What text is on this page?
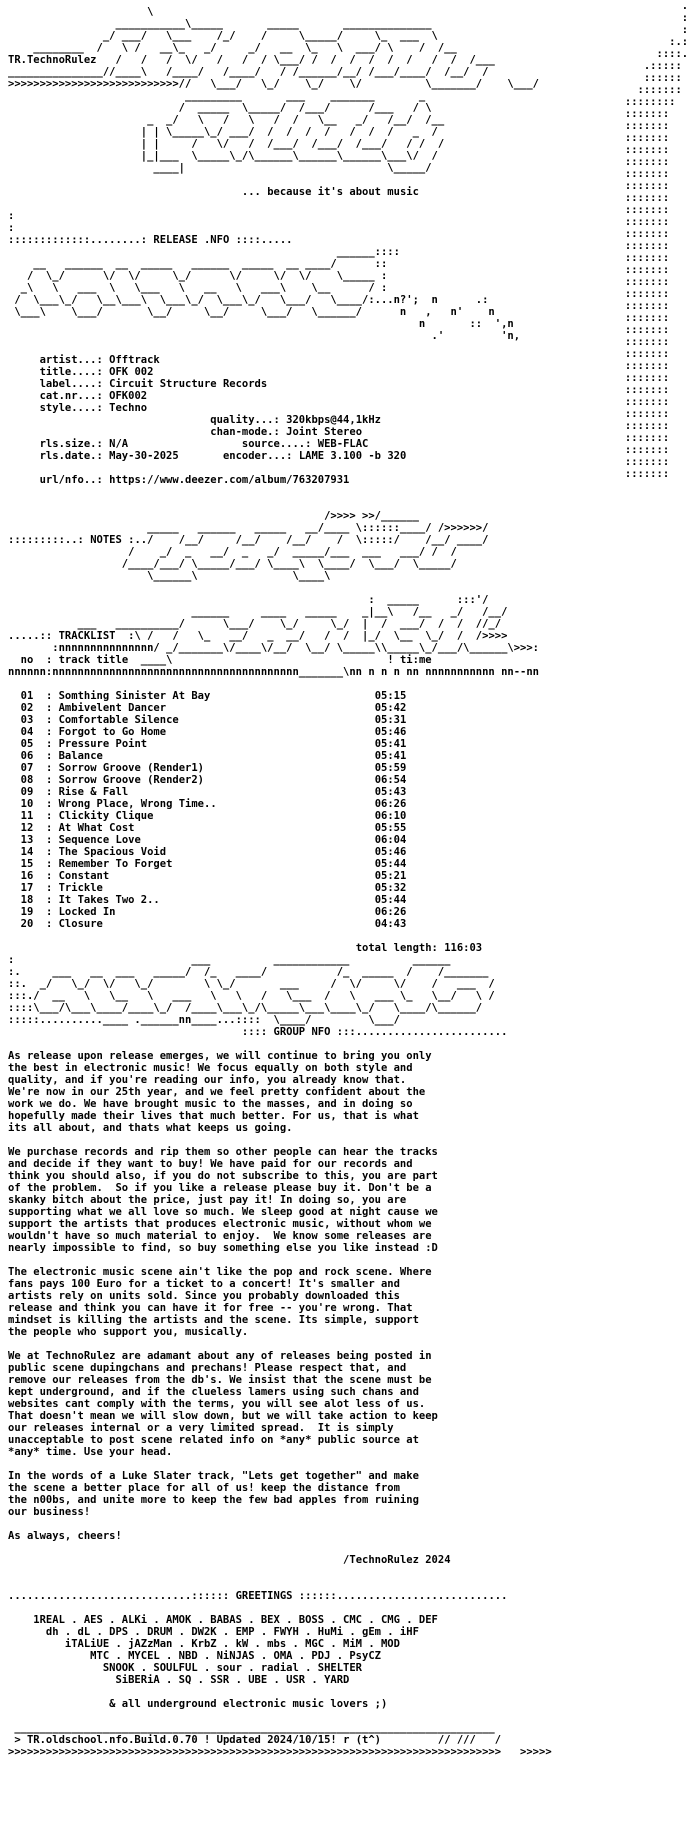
.
:
:
:.:
::::.
.:::::
::::::
:::::::
::::::::
:::::::
:::::::
:::::::
:::::::
:::::::
:::::::
:::::::
:::::::
:::::::
:::::::
:::::::
:::::::
:::::::
:::::::
:::::::
:::::::
:::::::
:::::::
:::::::
:::::::
:::::::
:::::::
:::::::
:::::::
:::::::
:::::::
:::::::
:::::::
:::::::
:::::::
:::::::
\
___________\_____       _____       ______________
_/ ___/   \___    /_/    /     \_____/     \_  ___  \
________  /   \ /   __\_   _/     _/   __  \_   \  ___/ \    /  /__
TR.TechnoRulez   /   /   /  \/   /   /  / \___/ /  /  /  /  /  /   /  /  /___
_______________//____\   /____/   /____/   / /______/__/ /___/____/  /__/  /
>>>>>>>>>>>>>>>>>>>>>>>>>>>//   \___/   \_/    \_/    \/          \_______/    \___/
_________       ___    _______       _
/  _____  \_____/  /___/      /___   / \
_  _/   \   /   \   /  /   \__   _/   /__/  /__
| | \_____\_/ ___/  /  /  /  /   /  /  /   _  /
| |     /   \/   /  /___/  /___/  /___/   / /  /
|_|___  \_____\_/\______\______\______\___\/  /
____|                                \_____/

... because it's about music

:
:
:::::::::::::........: RELEASE .NFO ::::.....
______::::
__   ______  __  _____   ______  _____  __ ____/      ::
/  \_/      \/  \/     \_/      \/     \/  \/    \_____ :
_\   \   ___  \   \___   \   __   \   ___\    \__      / :
/  \___\_/   \__\___\  \___\_/  \___\_/   \___/   \____/:...n?';  n      .:
\___\    \___/       \__/     \__/     \___/   \______/      n   ,   n'    n
n       ::  ',n
.'         'n,

artist...: Offtrack
title....: OFK 002
label....: Circuit Structure Records
cat.nr...: OFK002
style....: Techno
quality...: 320kbps@44,1kHz
chan-mode.: Joint Stereo
rls.size.: N/A                  source....: WEB-FLAC
rls.date.: May-30-2025       encoder...: LAME 3.100 -b 320

url/nfo..: https://www.deezer.com/album/763207931

/>>>> >>/______
_____   ______   _____   __/____ \::::::____/ />>>>>>/
:::::::::..: NOTES :../    /__/     /__/    /__/    /  \:::::/    /__/ ____/
/    _/  _   __/  _   _/  _____/___  ___   ___/ /  /
/____/___/ \_____/___/ \____\  \____/  \___/  \_____/
\______\               \____\

:  _____      :::'/
______     ____   _____    _|__\   /__   _/   /__/
___   __________/      \___/    \_/     \_/  |  /  ___/  /  /  //_/
.....:: TRACKLIST  :\ /   /   \_   __/   _  __/   /  /  |_/  \__  \_/  /  />>>>
:nnnnnnnnnnnnnnn/ _/_______\/____\/__/  \__/ \_____\\_____\_/___/\______\>>>:
no  : track title  ____\                                  ! ti:me
nnnnnn:nnnnnnnnnnnnnnnnnnnnnnnnnnnnnnnnnnnnnnn_______\nn n n n nn nnnnnnnnnnn nn--nn

01  : Somthing Sinister At Bay	05:15
02  : Ambivelent Dancer	05:42
03  : Comfortable Silence	05:31
04  : Forgot to Go Home	05:46
05  : Pressure Point	05:41
06  : Balance	05:41
07  : Sorrow Groove (Render1)	05:59
08  : Sorrow Groove (Render2)	06:54
09  : Rise & Fall	05:43
10  : Wrong Place, Wrong Time..	06:26
11  : Clickity Clique	06:10
12  : At What Cost	05:55
13  : Sequence Love	06:04
14  : The Spacious Void	05:46
15  : Remember To Forget	05:44
16  : Constant	05:21
17  : Trickle	05:32
18  : It Takes Two 2..	05:44
19  : Locked In	06:26
20  : Closure	04:43

total length: 116:03

:                            ___          ____________          ______
:.     ___   __  ___   _____/  /_   ____/           /_  _____  /    /_______
::.  _/   \_/  \/   \_/        \ \_/       ___     /  \/     \/    /   ___  /
:::./  __   \   \__   \   ___   \   \   /   \___  /   \   ___ \_   \__/   \ /
::::\___/\___\____/____\_/  /____\___\_/\_____\___\____\_/   \____/\______/
:::::..........____ .______nn____...::::  \____/         \___/
:::: GROUP NFO :::........................

As release upon release emerges, we will continue to bring you only
the best in electronic music! We focus equally on both style and
quality, and if you're reading our info, you already know that.
We're now in our 25th year, and we feel pretty confident about the
work we do. We have brought music to the masses, and in doing so
hopefully made their lives that much better. For us, that is what
its all about, and thats what keeps us going.

We purchase records and rip them so other people can hear the tracks
and decide if they want to buy! We have paid for our records and
think you should also, if you do not subscribe to this, you are part
of the problem.  So if you like a release please buy it. Don't be a
skanky bitch about the price, just pay it! In doing so, you are
supporting what we all love so much. We sleep good at night cause we
support the artists that produces electronic music, without whom we
wouldn't have so much material to enjoy.  We know some releases are
nearly impossible to find, so buy something else you like instead :D

The electronic music scene ain't like the pop and rock scene. Where
fans pays 100 Euro for a ticket to a concert! It's smaller and
artists rely on units sold. Since you probably downloaded this
release and think you can have it for free -- you're wrong. That
mindset is killing the artists and the scene. Its simple, support
the people who support you, musically.

We at TechnoRulez are adamant about any of releases being posted in
public scene dupingchans and prechans! Please respect that, and
remove our releases from the db's. We insist that the scene must be
kept underground, and if the clueless lamers using such chans and
websites cant comply with the terms, you will see alot less of us.
That doesn't mean we will slow down, but we will take action to keep
our releases internal or a very limited spread.  It is simply
unacceptable to post scene related info on *any* public source at
*any* time. Use your head.

In the words of a Luke Slater track, "Lets get together" and make
the scene a better place for all of us! keep the distance from
the n00bs, and unite more to keep the few bad apples from ruining
our business!

As always, cheers!

/TechnoRulez 2024

.............................:::::: GREETINGS ::::::...........................

1REAL . AES . ALKi . AMOK . BABAS . BEX . BOSS . CMC . CMG . DEF
dh . dL . DPS . DRUM . DW2K . EMP . FWYH . HuMi . gEm . iHF
iTALiUE . jAZzMan . KrbZ . kW . mbs . MGC . MiM . MOD
MTC . MYCEL . NBD . NiNJAS . OMA . PDJ . PsyCZ
SNOOK . SOULFUL . sour . radial . SHELTER
SiBERiA . SQ . SSR . UBE . USR . YARD

& all underground electronic music lovers ;)

____________________________________________________________________________
> TR.oldschool.nfo.Build.0.70 ! Updated 2024/10/15! r (t^)         // ///   /
>>>>>>>>>>>>>>>>>>>>>>>>>>>>>>>>>>>>>>>>>>>>>>>>>>>>>>>>>>>>>>>>>>>>>>>>>>>>>>   >>>>>
